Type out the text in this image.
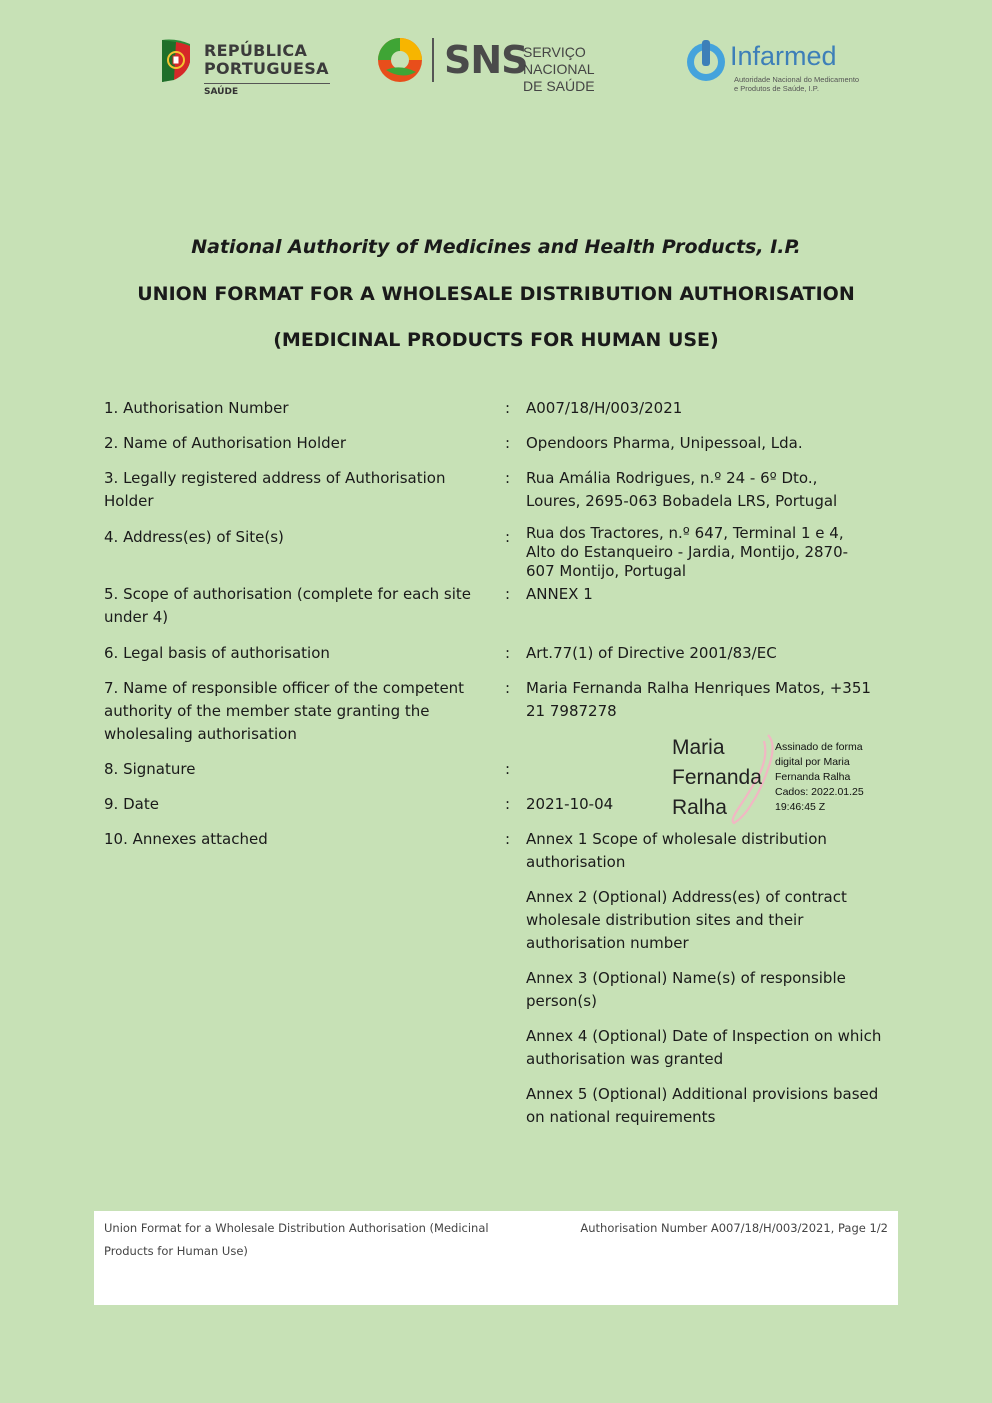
REPÚBLICA
PORTUGUESA
SAÚDE
SNS
SERVIÇO NACIONAL
DE SAÚDE
Infarmed
Autoridade Nacional do Medicamento
e Produtos de Saúde, I.P.
National Authority of Medicines and Health Products, I.P.
UNION FORMAT FOR A WHOLESALE DISTRIBUTION AUTHORISATION
(MEDICINAL PRODUCTS FOR HUMAN USE)
1. Authorisation Number	: A007/18/H/003/2021
2. Name of Authorisation Holder	: Opendoors Pharma, Unipessoal, Lda.
3. Legally registered address of Authorisation Holder
: Rua Amália Rodrigues, n.º 24 - 6º Dto., Loures, 2695-063 Bobadela LRS, Portugal
4. Address(es) of Site(s)	: Rua dos Tractores, n.º 647, Terminal 1 e 4, Alto do Estanqueiro - Jardia, Montijo, 2870-607 Montijo, Portugal
5. Scope of authorisation (complete for each site under 4)
: ANNEX 1
6. Legal basis of authorisation	: Art.77(1) of Directive 2001/83/EC
7. Name of responsible officer of the competent authority of the member state granting the wholesaling authorisation
: Maria Fernanda Ralha Henriques Matos, +351 21 7987278
8. Signature	:
9. Date	: 2021-10-04
10. Annexes attached	: Annex 1 Scope of wholesale distribution authorisation
Annex 2 (Optional) Address(es) of contract wholesale distribution sites and their authorisation number
Annex 3 (Optional) Name(s) of responsible person(s)
Annex 4 (Optional) Date of Inspection on which authorisation was granted
Annex 5 (Optional) Additional provisions based on national requirements
Maria
Fernanda
Ralha
Assinado de forma
digital por Maria
Fernanda Ralha
Cados: 2022.01.25
19:46:45 Z
Union Format for a Wholesale Distribution Authorisation (Medicinal Products for Human Use)
Authorisation Number A007/18/H/003/2021, Page 1/2
